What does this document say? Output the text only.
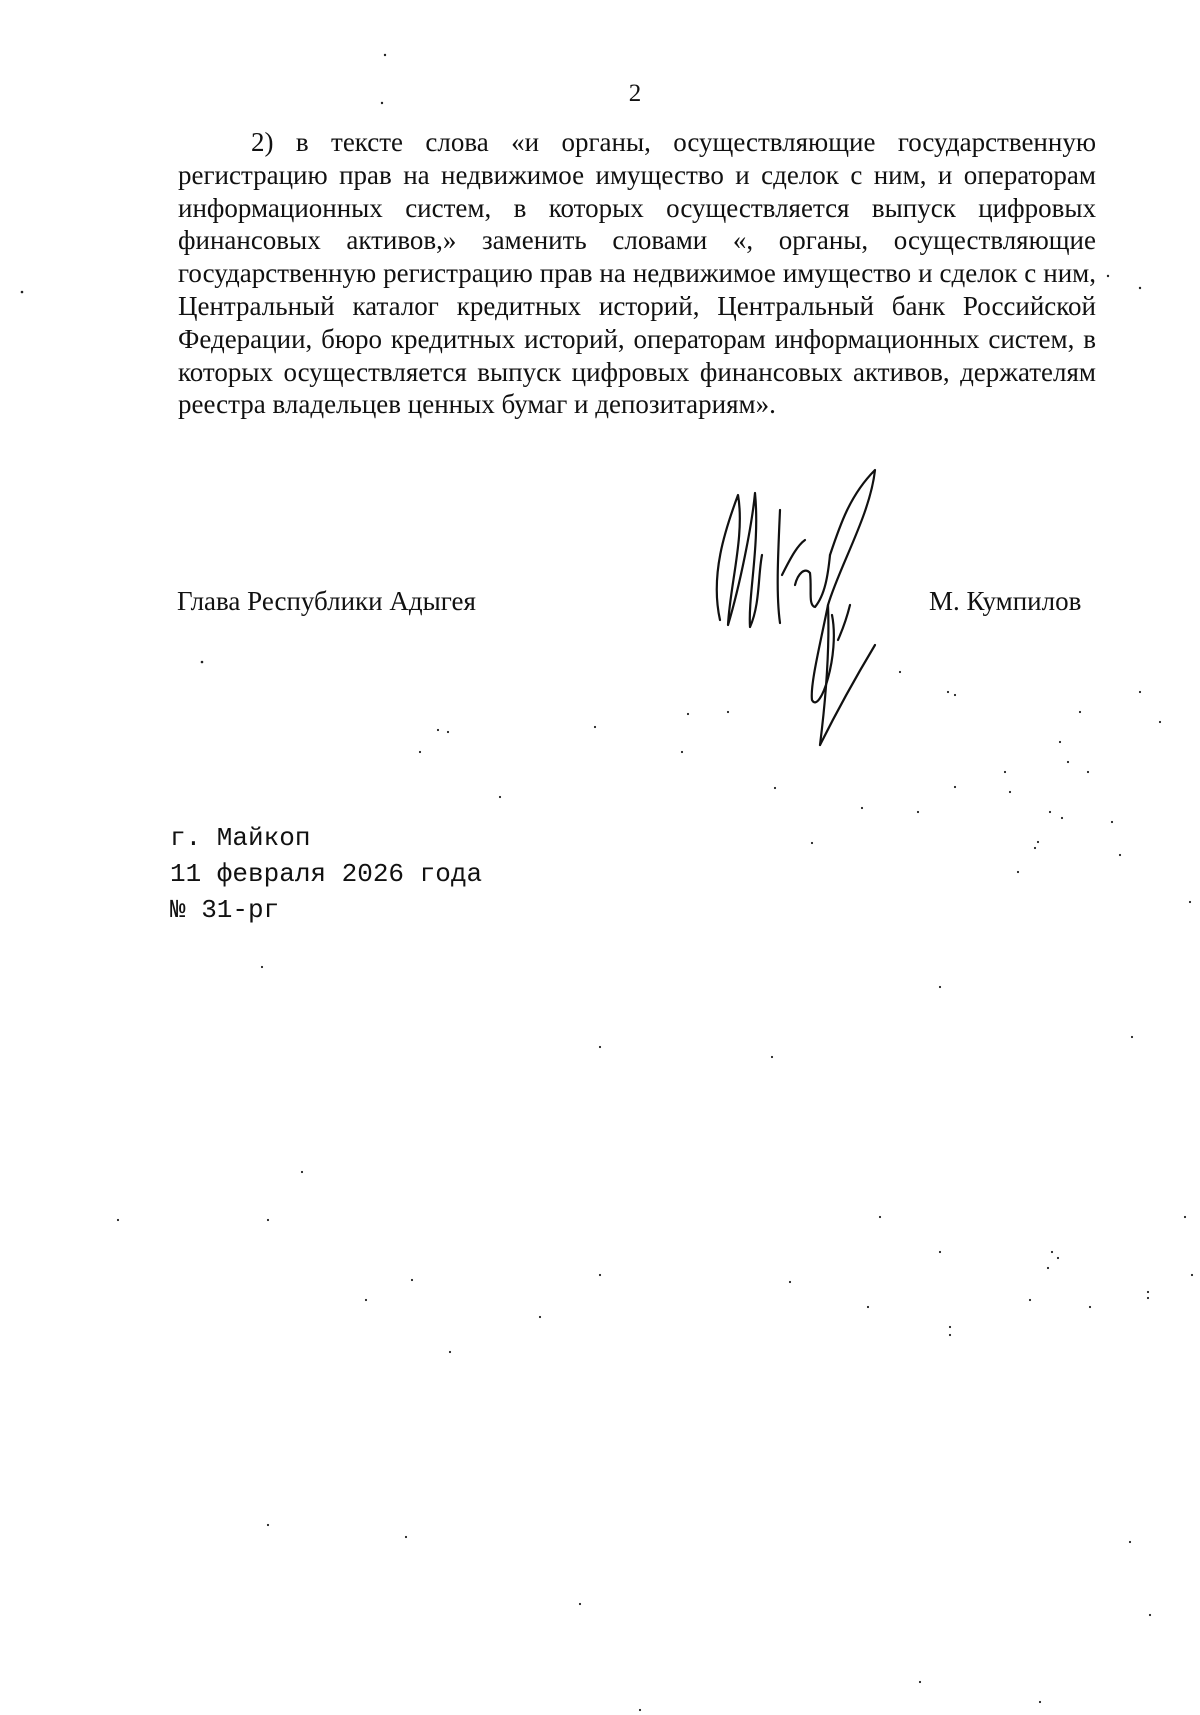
2

2) в тексте слова «и органы, осуществляющие государственную регистрацию прав на недвижимое имущество и сделок с ним, и операторам информационных систем, в которых осуществляется выпуск цифровых финансовых активов,» заменить словами «, органы, осуществляющие государственную регистрацию прав на недвижимое имущество и сделок с ним, Центральный каталог кредитных историй, Центральный банк Российской Федерации, бюро кредитных историй, операторам информационных систем, в которых осуществляется выпуск цифровых финансовых активов, держателям реестра владельцев ценных бумаг и депозитариям».

Глава Республики Адыгея	М. Кумпилов
г. Майкоп
11 февраля 2026 года
№ 31-рг
